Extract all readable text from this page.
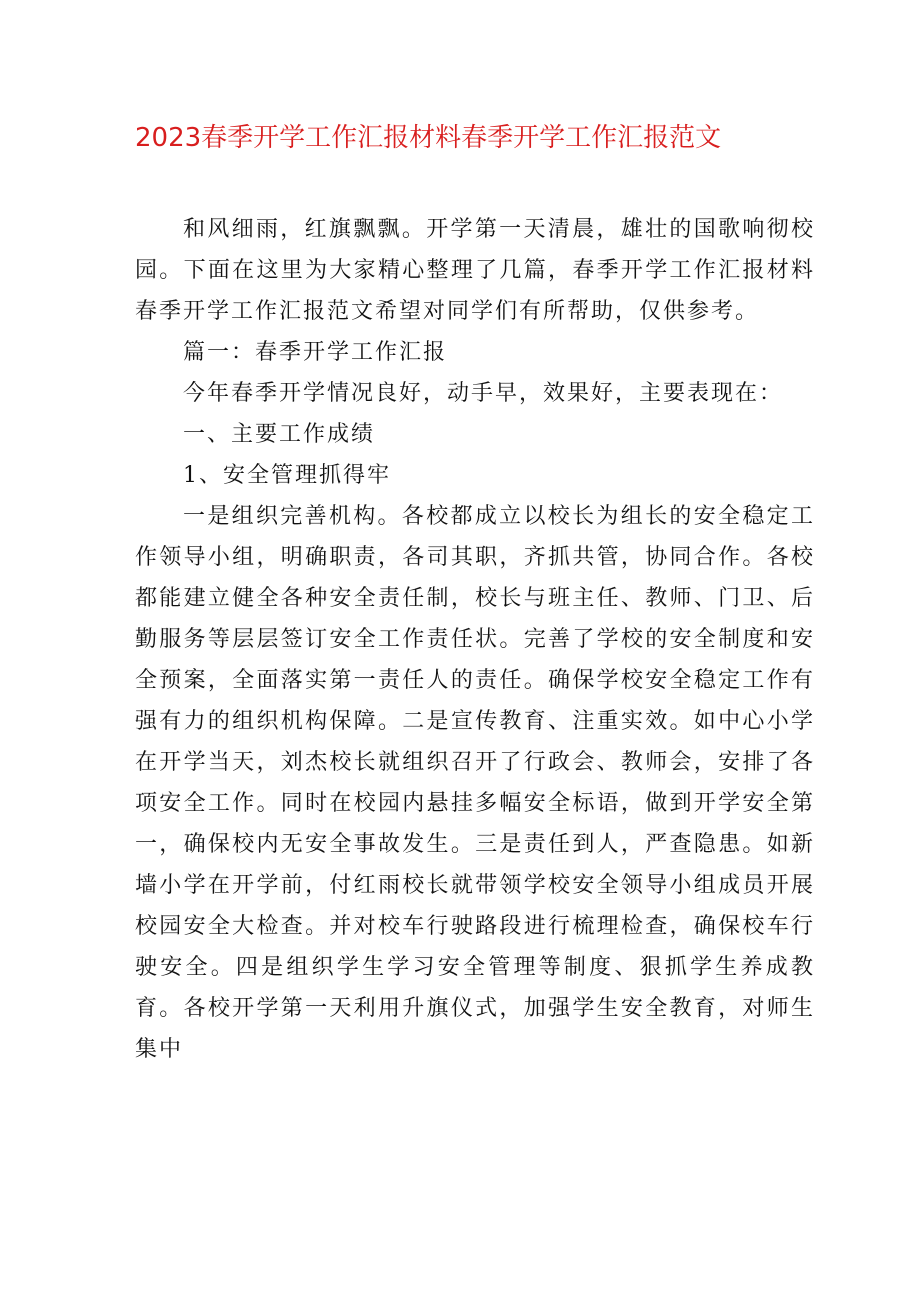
2023春季开学工作汇报材料春季开学工作汇报范文

和风细雨，红旗飘飘。开学第一天清晨，雄壮的国歌响彻校园。下面在这里为大家精心整理了几篇，春季开学工作汇报材料春季开学工作汇报范文希望对同学们有所帮助，仅供参考。

篇一：春季开学工作汇报

今年春季开学情况良好，动手早，效果好，主要表现在：

一、主要工作成绩

1、安全管理抓得牢

一是组织完善机构。各校都成立以校长为组长的安全稳定工作领导小组，明确职责，各司其职，齐抓共管，协同合作。各校都能建立健全各种安全责任制，校长与班主任、教师、门卫、后勤服务等层层签订安全工作责任状。完善了学校的安全制度和安全预案，全面落实第一责任人的责任。确保学校安全稳定工作有强有力的组织机构保障。二是宣传教育、注重实效。如中心小学在开学当天，刘杰校长就组织召开了行政会、教师会，安排了各项安全工作。同时在校园内悬挂多幅安全标语，做到开学安全第一，确保校内无安全事故发生。三是责任到人，严查隐患。如新墙小学在开学前，付红雨校长就带领学校安全领导小组成员开展校园安全大检查。并对校车行驶路段进行梳理检查，确保校车行驶安全。四是组织学生学习安全管理等制度、狠抓学生养成教育。各校开学第一天利用升旗仪式，加强学生安全教育，对师生集中
